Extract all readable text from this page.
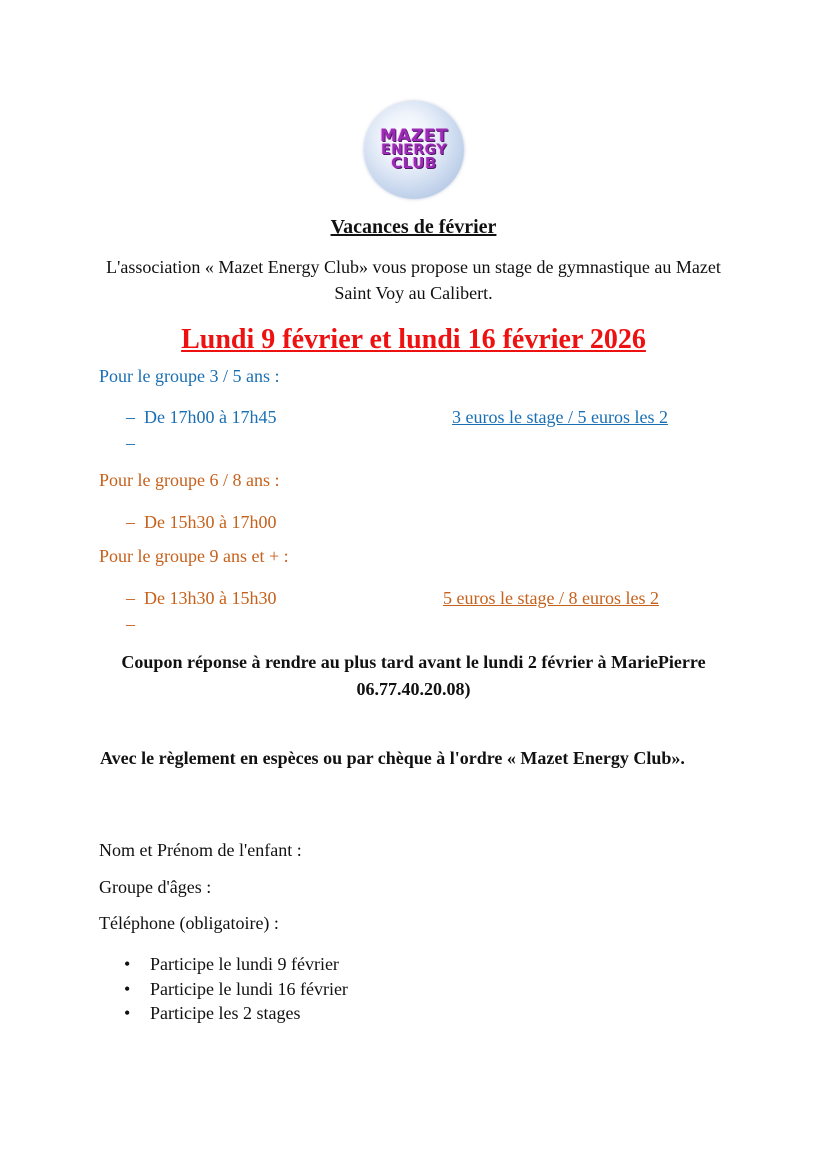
MAZET
ENERGY
CLUB
Vacances de février
L'association « Mazet Energy Club» vous propose un stage de gymnastique au Mazet Saint Voy au Calibert.
Lundi 9 février et lundi 16 février 2026
Pour le groupe 3 / 5 ans :
– De 17h00 à 17h45	3 euros le stage / 5 euros les 2
–
Pour le groupe 6 / 8 ans :
– De 15h30 à 17h00
Pour le groupe 9 ans et + :
– De 13h30 à 15h30	5 euros le stage / 8 euros les 2
–
Coupon réponse à rendre au plus tard avant le lundi 2 février à MariePierre 06.77.40.20.08)
Avec le règlement en espèces ou par chèque à l'ordre « Mazet Energy Club».
Nom et Prénom de l'enfant :
Groupe d'âges :
Téléphone (obligatoire) :
• Participe le lundi 9 février
• Participe le lundi 16 février
• Participe les 2 stages
